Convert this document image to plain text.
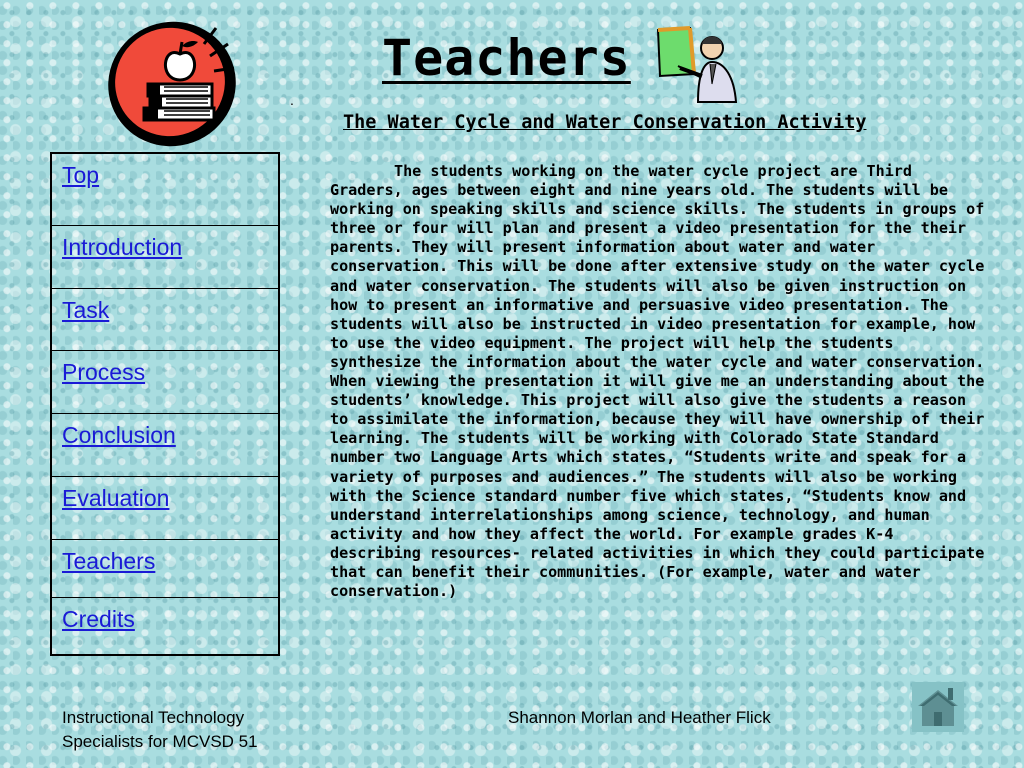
Teachers
.
The Water Cycle and Water Conservation Activity
Top
Introduction
Task
Process
Conclusion
Evaluation
Teachers
Credits

The students working on the water cycle project are Third Graders, ages between eight and nine years old. The students will be working on speaking skills and science skills. The students in groups of three or four will plan and present a video presentation for the their parents. They will present information about water and water conservation. This will be done after extensive study on the water cycle and water conservation. The students will also be given instruction on how to present an informative and persuasive video presentation. The students will also be instructed in video presentation for example, how to use the video equipment. The project will help the students synthesize the information about the water cycle and water conservation. When viewing the presentation it will give me an understanding about the students’ knowledge. This project will also give the students a reason to assimilate the information, because they will have ownership of their learning. The students will be working with Colorado State Standard number two Language Arts which states, “Students write and speak for a variety of purposes and audiences.” The students will also be working with the Science standard number five which states, “Students know and understand interrelationships among science, technology, and human activity and how they affect the world. For example grades K-4 describing resources- related activities in which they could participate that can benefit their communities. (For example, water and water conservation.)

Instructional Technology Specialists for MCVSD 51
Shannon Morlan and Heather Flick
